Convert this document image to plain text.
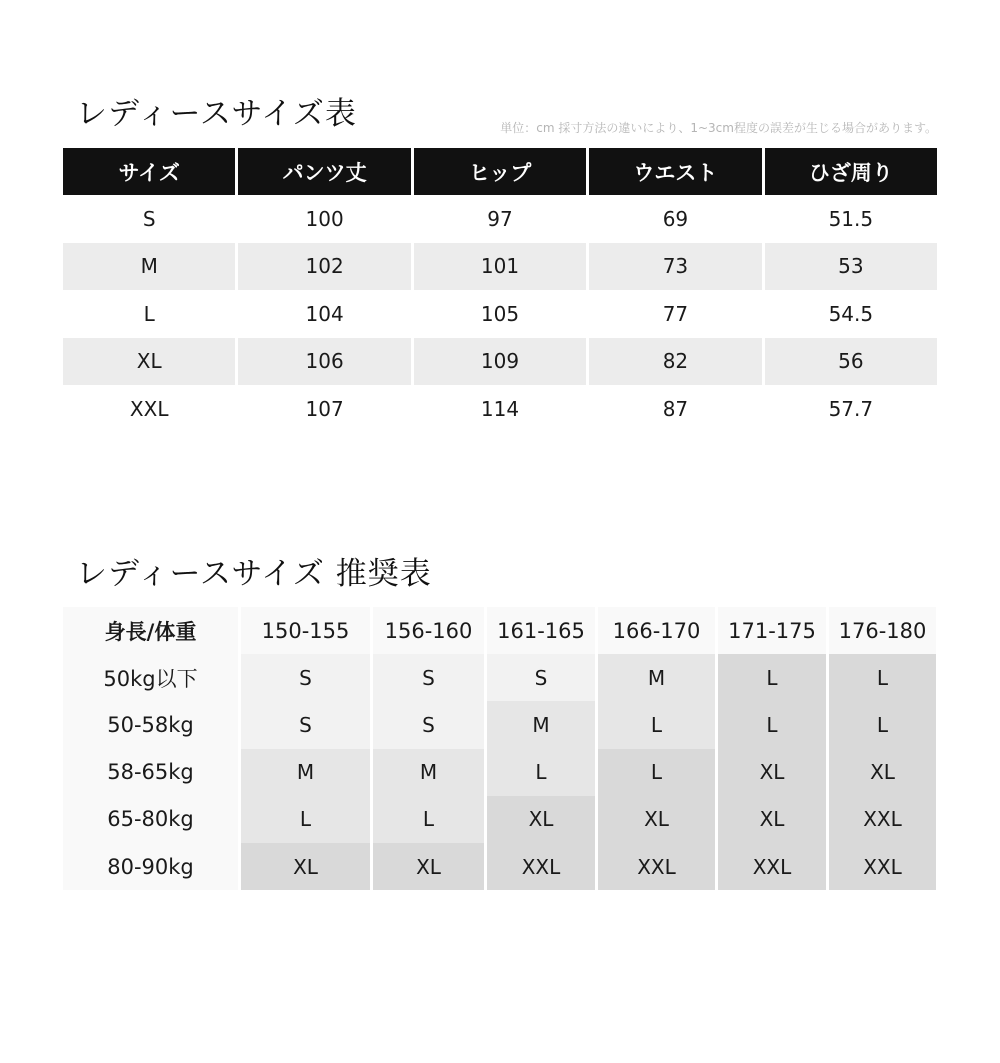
レディースサイズ表	単位：cm 採寸方法の違いにより、1~3cm程度の誤差が生じる場合があります。
サイズ	パンツ丈	ヒップ	ウエスト	ひざ周り
S	100	97	69	51.5
M	102	101	73	53
L	104	105	77	54.5
XL	106	109	82	56
XXL	107	114	87	57.7
レディースサイズ 推奨表
身長/体重	150-155	156-160	161-165	166-170	171-175	176-180
50kg以下	S	S	S	M	L	L
50-58kg	S	S	M	L	L	L
58-65kg	M	M	L	L	XL	XL
65-80kg	L	L	XL	XL	XL	XXL
80-90kg	XL	XL	XXL	XXL	XXL	XXL
